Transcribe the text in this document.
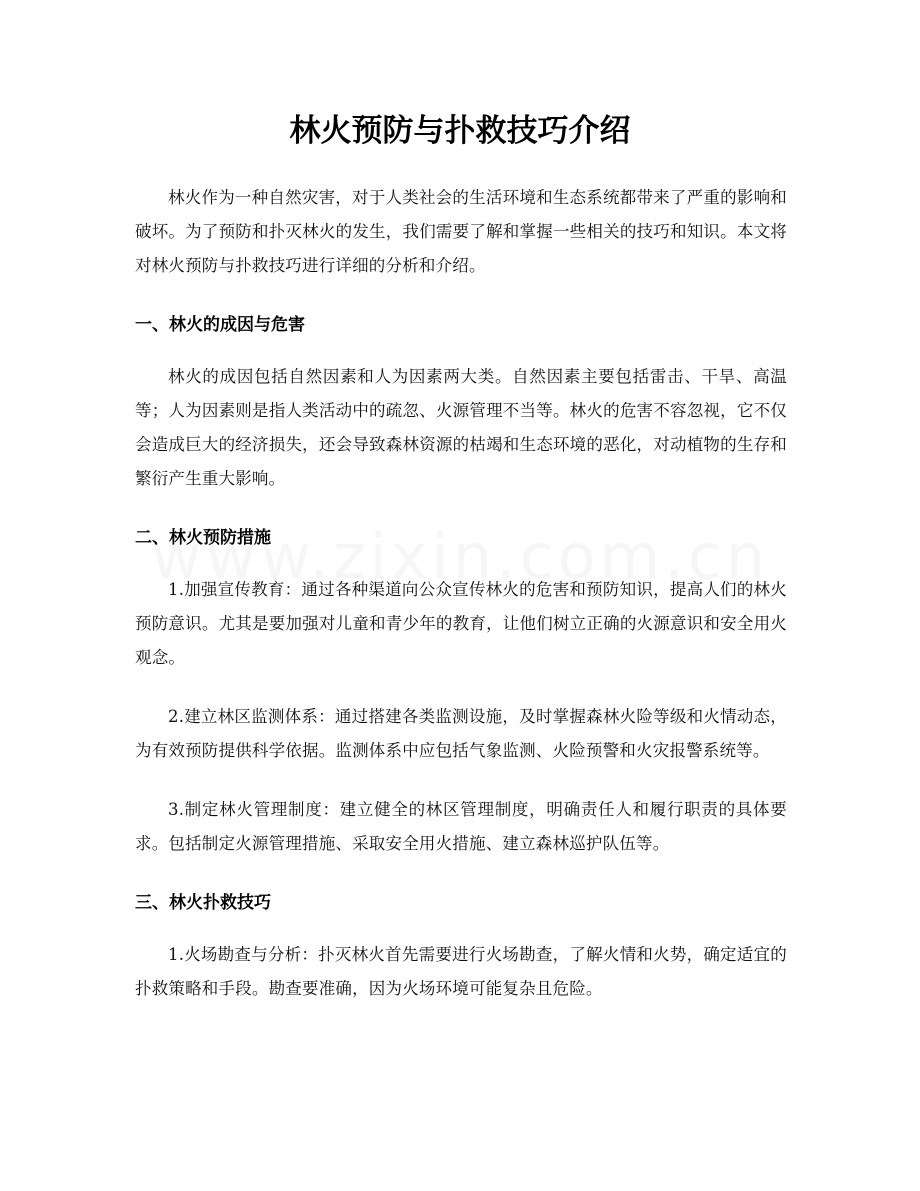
林火预防与扑救技巧介绍

林火作为一种自然灾害，对于人类社会的生活环境和生态系统都带来了严重的影响和破坏。为了预防和扑灭林火的发生，我们需要了解和掌握一些相关的技巧和知识。本文将对林火预防与扑救技巧进行详细的分析和介绍。

一、林火的成因与危害

林火的成因包括自然因素和人为因素两大类。自然因素主要包括雷击、干旱、高温等；人为因素则是指人类活动中的疏忽、火源管理不当等。林火的危害不容忽视，它不仅会造成巨大的经济损失，还会导致森林资源的枯竭和生态环境的恶化，对动植物的生存和繁衍产生重大影响。

二、林火预防措施

1.加强宣传教育：通过各种渠道向公众宣传林火的危害和预防知识，提高人们的林火预防意识。尤其是要加强对儿童和青少年的教育，让他们树立正确的火源意识和安全用火观念。

2.建立林区监测体系：通过搭建各类监测设施，及时掌握森林火险等级和火情动态，为有效预防提供科学依据。监测体系中应包括气象监测、火险预警和火灾报警系统等。

3.制定林火管理制度：建立健全的林区管理制度，明确责任人和履行职责的具体要求。包括制定火源管理措施、采取安全用火措施、建立森林巡护队伍等。

三、林火扑救技巧

1.火场勘查与分析：扑灭林火首先需要进行火场勘查，了解火情和火势，确定适宜的扑救策略和手段。勘查要准确，因为火场环境可能复杂且危险。
